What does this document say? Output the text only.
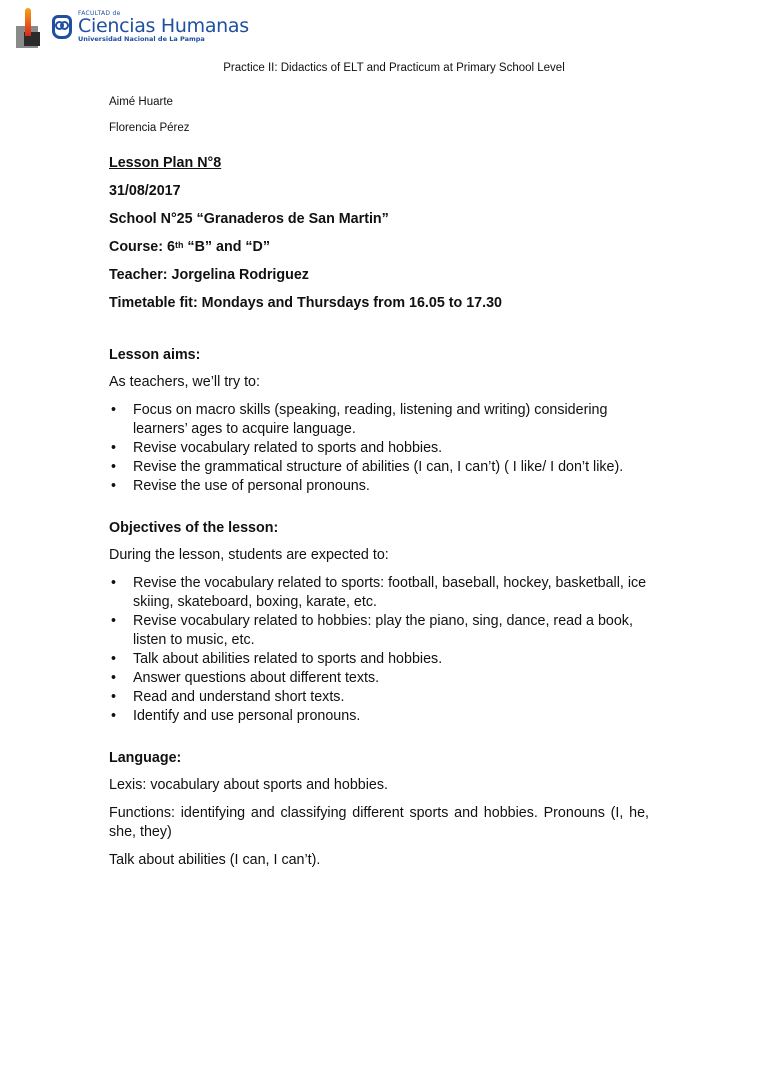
FACULTAD de
Ciencias Humanas
Universidad Nacional de La Pampa
Practice II: Didactics of ELT and Practicum at Primary School Level
Aimé Huarte
Florencia Pérez

Lesson Plan N°8

31/08/2017

School N°25 “Granaderos de San Martin”

Course: 6th “B” and “D”

Teacher: Jorgelina Rodriguez

Timetable fit: Mondays and Thursdays from 16.05 to 17.30

Lesson aims:

As teachers, we’ll try to:

• Focus on macro skills (speaking, reading, listening and writing) considering learners’ ages to acquire language.
• Revise vocabulary related to sports and hobbies.
• Revise the grammatical structure of abilities (I can, I can’t) ( I like/ I don’t like).
• Revise the use of personal pronouns.

Objectives of the lesson:

During the lesson, students are expected to:

• Revise the vocabulary related to sports: football, baseball, hockey, basketball, ice skiing, skateboard, boxing, karate, etc.
• Revise vocabulary related to hobbies: play the piano, sing, dance, read a book, listen to music, etc.
• Talk about abilities related to sports and hobbies.
• Answer questions about different texts.
• Read and understand short texts.
• Identify and use personal pronouns.

Language:

Lexis: vocabulary about sports and hobbies.

Functions: identifying and classifying different sports and hobbies. Pronouns (I, he, she, they)

Talk about abilities (I can, I can’t).
